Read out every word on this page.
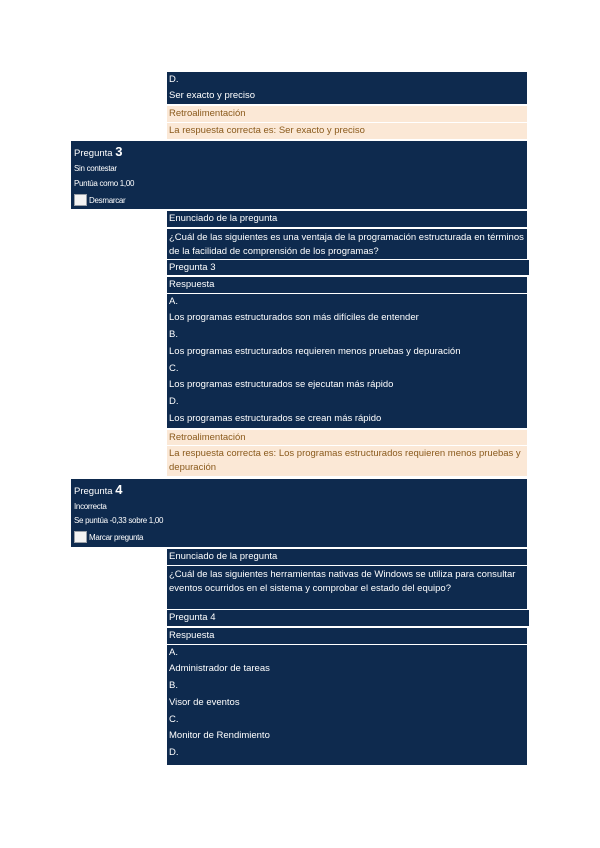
D.
Ser exacto y preciso
Retroalimentación
La respuesta correcta es: Ser exacto y preciso
Pregunta 3
Sin contestar
Puntúa como 1,00
Desmarcar
Enunciado de la pregunta
¿Cuál de las siguientes es una ventaja de la programación estructurada en términos de la facilidad de comprensión de los programas?
Pregunta 3
Respuesta
A.
Los programas estructurados son más difíciles de entender
B.
Los programas estructurados requieren menos pruebas y depuración
C.
Los programas estructurados se ejecutan más rápido
D.
Los programas estructurados se crean más rápido
Retroalimentación
La respuesta correcta es: Los programas estructurados requieren menos pruebas y depuración
Pregunta 4
Incorrecta
Se puntúa -0,33 sobre 1,00
Marcar pregunta
Enunciado de la pregunta
¿Cuál de las siguientes herramientas nativas de Windows se utiliza para consultar eventos ocurridos en el sistema y comprobar el estado del equipo?
Pregunta 4
Respuesta
A.
Administrador de tareas
B.
Visor de eventos
C.
Monitor de Rendimiento
D.
